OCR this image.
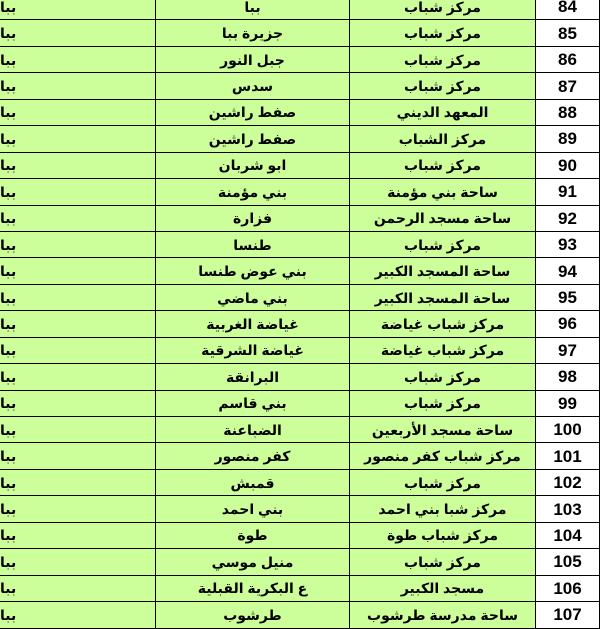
84	مركز شباب	ببا	ببا
85	مركز شباب	جزيرة ببا	ببا
86	مركز شباب	جبل النور	ببا
87	مركز شباب	سدس	ببا
88	المعهد الديني	صفط راشين	ببا
89	مركز الشباب	صفط راشين	ببا
90	مركز شباب	ابو شربان	ببا
91	ساحة بني مؤمنة	بني مؤمنة	ببا
92	ساحة مسجد الرحمن	فزارة	ببا
93	مركز شباب	طنسا	ببا
94	ساحة المسجد الكبير	بني عوض طنسا	ببا
95	ساحة المسجد الكبير	بني ماضي	ببا
96	مركز شباب غياضة	غياضة الغربية	ببا
97	مركز شباب غياضة	غياضة الشرقية	ببا
98	مركز شباب	البرانقة	ببا
99	مركز شباب	بني قاسم	ببا
100	ساحة مسجد الأربعين	الضباعنة	ببا
101	مركز شباب كفر منصور	كفر منصور	ببا
102	مركز شباب	قمبش	ببا
103	مركز شبا بني احمد	بني احمد	ببا
104	مركز شباب طوة	طوة	ببا
105	مركز شباب	منيل موسي	ببا
106	مسجد الكبير	ع البكرية القبلية	ببا
107	ساحة مدرسة طرشوب	طرشوب	ببا
